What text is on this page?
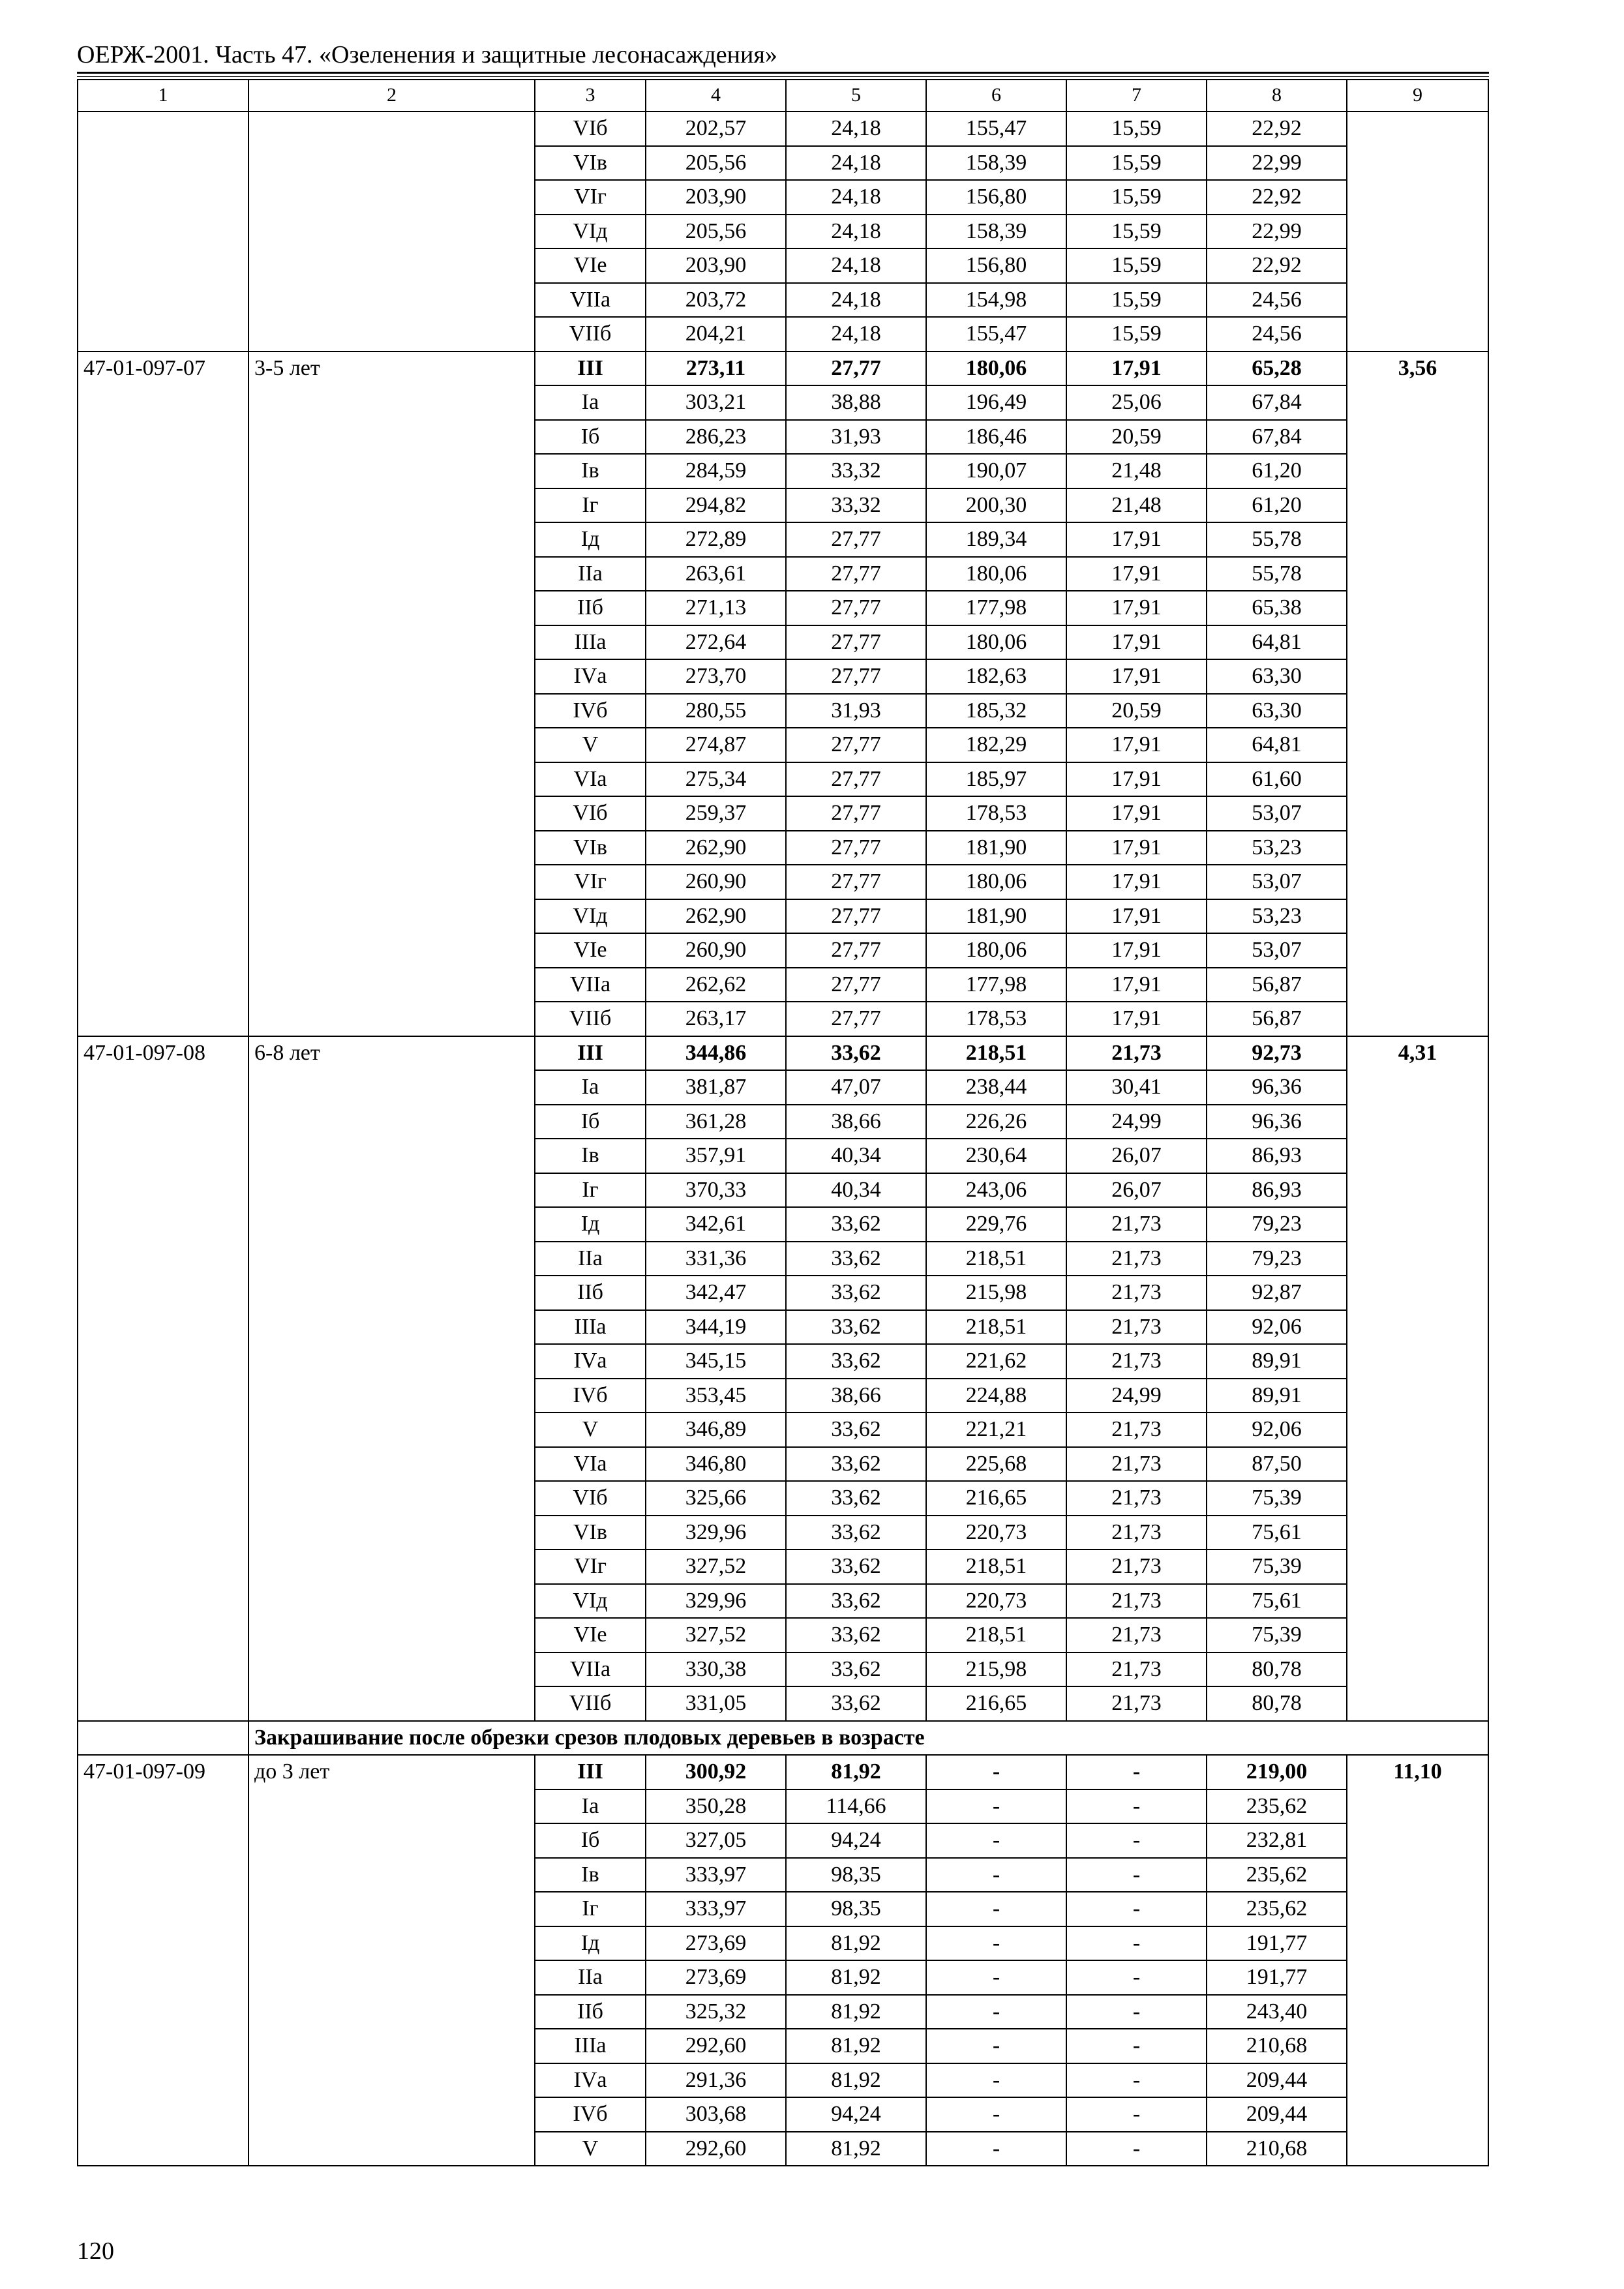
ОЕРЖ-2001. Часть 47. «Озеленения и защитные лесонасаждения»
1	2	3	4	5	6	7	8	9
		VIб	202,57	24,18	155,47	15,59	22,92	
		VIв	205,56	24,18	158,39	15,59	22,99	
		VIг	203,90	24,18	156,80	15,59	22,92	
		VIд	205,56	24,18	158,39	15,59	22,99	
		VIе	203,90	24,18	156,80	15,59	22,92	
		VIIа	203,72	24,18	154,98	15,59	24,56	
		VIIб	204,21	24,18	155,47	15,59	24,56	
47-01-097-07	3-5 лет	III	273,11	27,77	180,06	17,91	65,28	3,56
		Iа	303,21	38,88	196,49	25,06	67,84	
		Iб	286,23	31,93	186,46	20,59	67,84	
		Iв	284,59	33,32	190,07	21,48	61,20	
		Iг	294,82	33,32	200,30	21,48	61,20	
		Iд	272,89	27,77	189,34	17,91	55,78	
		IIа	263,61	27,77	180,06	17,91	55,78	
		IIб	271,13	27,77	177,98	17,91	65,38	
		IIIа	272,64	27,77	180,06	17,91	64,81	
		IVа	273,70	27,77	182,63	17,91	63,30	
		IVб	280,55	31,93	185,32	20,59	63,30	
		V	274,87	27,77	182,29	17,91	64,81	
		VIа	275,34	27,77	185,97	17,91	61,60	
		VIб	259,37	27,77	178,53	17,91	53,07	
		VIв	262,90	27,77	181,90	17,91	53,23	
		VIг	260,90	27,77	180,06	17,91	53,07	
		VIд	262,90	27,77	181,90	17,91	53,23	
		VIе	260,90	27,77	180,06	17,91	53,07	
		VIIа	262,62	27,77	177,98	17,91	56,87	
		VIIб	263,17	27,77	178,53	17,91	56,87	
47-01-097-08	6-8 лет	III	344,86	33,62	218,51	21,73	92,73	4,31
		Iа	381,87	47,07	238,44	30,41	96,36	
		Iб	361,28	38,66	226,26	24,99	96,36	
		Iв	357,91	40,34	230,64	26,07	86,93	
		Iг	370,33	40,34	243,06	26,07	86,93	
		Iд	342,61	33,62	229,76	21,73	79,23	
		IIа	331,36	33,62	218,51	21,73	79,23	
		IIб	342,47	33,62	215,98	21,73	92,87	
		IIIа	344,19	33,62	218,51	21,73	92,06	
		IVа	345,15	33,62	221,62	21,73	89,91	
		IVб	353,45	38,66	224,88	24,99	89,91	
		V	346,89	33,62	221,21	21,73	92,06	
		VIа	346,80	33,62	225,68	21,73	87,50	
		VIб	325,66	33,62	216,65	21,73	75,39	
		VIв	329,96	33,62	220,73	21,73	75,61	
		VIг	327,52	33,62	218,51	21,73	75,39	
		VIд	329,96	33,62	220,73	21,73	75,61	
		VIе	327,52	33,62	218,51	21,73	75,39	
		VIIа	330,38	33,62	215,98	21,73	80,78	
		VIIб	331,05	33,62	216,65	21,73	80,78	
	Закрашивание после обрезки срезов плодовых деревьев в возрасте							
47-01-097-09	до 3 лет	III	300,92	81,92	-	-	219,00	11,10
		Iа	350,28	114,66	-	-	235,62	
		Iб	327,05	94,24	-	-	232,81	
		Iв	333,97	98,35	-	-	235,62	
		Iг	333,97	98,35	-	-	235,62	
		Iд	273,69	81,92	-	-	191,77	
		IIа	273,69	81,92	-	-	191,77	
		IIб	325,32	81,92	-	-	243,40	
		IIIа	292,60	81,92	-	-	210,68	
		IVа	291,36	81,92	-	-	209,44	
		IVб	303,68	94,24	-	-	209,44	
		V	292,60	81,92	-	-	210,68	
120
